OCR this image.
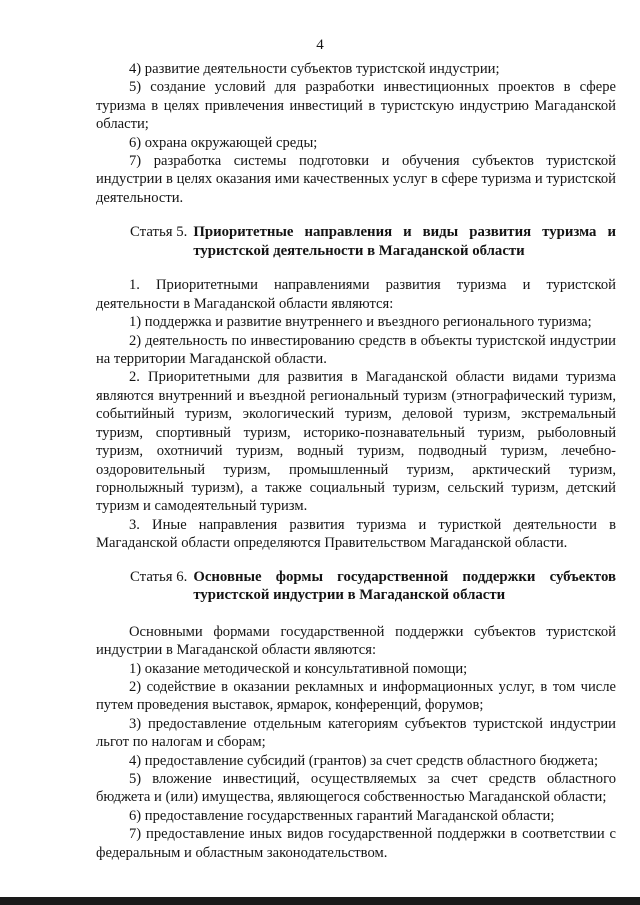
4

4) развитие деятельности субъектов туристской индустрии;

5) создание условий для разработки инвестиционных проектов в сфере туризма в целях привлечения инвестиций в туристскую индустрию Магаданской области;

6) охрана окружающей среды;

7) разработка системы подготовки и обучения субъектов туристской индустрии в целях оказания ими качественных услуг в сфере туризма и туристской деятельности.

Статья 5. Приоритетные направления и виды развития туризма и туристской деятельности в Магаданской области

1. Приоритетными направлениями развития туризма и туристской деятельности в Магаданской области являются:

1) поддержка и развитие внутреннего и въездного регионального туризма;

2) деятельность по инвестированию средств в объекты туристской индустрии на территории Магаданской области.

2. Приоритетными для развития в Магаданской области видами туризма являются внутренний и въездной региональный туризм (этнографический туризм, событийный туризм, экологический туризм, деловой туризм, экстремальный туризм, спортивный туризм, историко-познавательный туризм, рыболовный туризм, охотничий туризм, водный туризм, подводный туризм, лечебно-оздоровительный туризм, промышленный туризм, арктический туризм, горнолыжный туризм), а также социальный туризм, сельский туризм, детский туризм и самодеятельный туризм.

3. Иные направления развития туризма и туристкой деятельности в Магаданской области определяются Правительством Магаданской области.

Статья 6. Основные формы государственной поддержки субъектов туристской индустрии в Магаданской области

Основными формами государственной поддержки субъектов туристской индустрии в Магаданской области являются:

1) оказание методической и консультативной помощи;

2) содействие в оказании рекламных и информационных услуг, в том числе путем проведения выставок, ярмарок, конференций, форумов;

3) предоставление отдельным категориям субъектов туристской индустрии льгот по налогам и сборам;

4) предоставление субсидий (грантов) за счет средств областного бюджета;

5) вложение инвестиций, осуществляемых за счет средств областного бюджета и (или) имущества, являющегося собственностью Магаданской области;

6) предоставление государственных гарантий Магаданской области;

7) предоставление иных видов государственной поддержки в соответствии с федеральным и областным законодательством.
